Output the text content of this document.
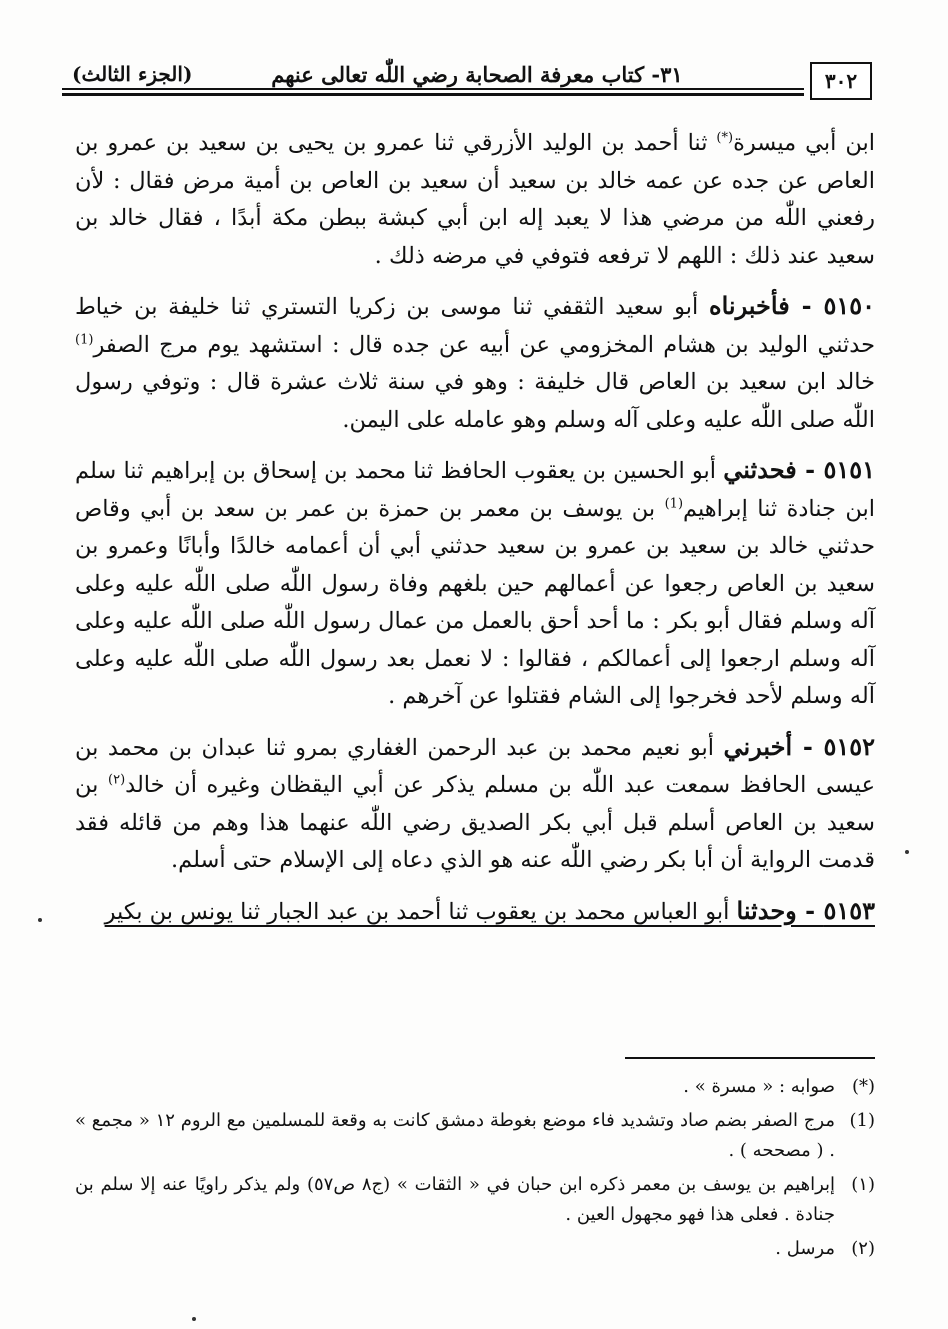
(الجزء الثالث)	٣١- كتاب معرفة الصحابة رضي اللّٰه تعالى عنهم	٣٠٢

ابن أبي ميسرة(*) ثنا أحمد بن الوليد الأزرقي ثنا عمرو بن يحيى بن سعيد بن عمرو بن العاص عن جده عن عمه خالد بن سعيد أن سعيد بن العاص بن أمية مرض فقال : لأن رفعني اللّٰه من مرضي هذا لا يعبد إله ابن أبي كبشة ببطن مكة أبدًا ، فقال خالد بن سعيد عند ذلك : اللهم لا ترفعه فتوفي في مرضه ذلك .

٥١٥٠ - فأخبرناه أبو سعيد الثقفي ثنا موسى بن زكريا التستري ثنا خليفة بن خياط حدثني الوليد بن هشام المخزومي عن أبيه عن جده قال : استشهد يوم مرج الصفر$^{(1)}$ خالد ابن سعيد بن العاص قال خليفة : وهو في سنة ثلاث عشرة قال : وتوفي رسول اللّٰه صلى اللّٰه عليه وعلى آله وسلم وهو عامله على اليمن.

٥١٥١ - فحدثني أبو الحسين بن يعقوب الحافظ ثنا محمد بن إسحاق بن إبراهيم ثنا سلم ابن جنادة ثنا إبراهيم$^{(1)}$ بن يوسف بن معمر بن حمزة بن عمر بن سعد بن أبي وقاص حدثني خالد بن سعيد بن عمرو بن سعيد حدثني أبي أن أعمامه خالدًا وأبانًا وعمرو بن سعيد بن العاص رجعوا عن أعمالهم حين بلغهم وفاة رسول اللّٰه صلى اللّٰه عليه وعلى آله وسلم فقال أبو بكر : ما أحد أحق بالعمل من عمال رسول اللّٰه صلى اللّٰه عليه وعلى آله وسلم ارجعوا إلى أعمالكم ، فقالوا : لا نعمل بعد رسول اللّٰه صلى اللّٰه عليه وعلى آله وسلم لأحد فخرجوا إلى الشام فقتلوا عن آخرهم .

٥١٥٢ - أخبرني أبو نعيم محمد بن عبد الرحمن الغفاري بمرو ثنا عبدان بن محمد بن عيسى الحافظ سمعت عبد اللّٰه بن مسلم يذكر عن أبي اليقظان وغيره أن خالد$^{(٢)}$ بن سعيد بن العاص أسلم قبل أبي بكر الصديق رضي اللّٰه عنهما هذا وهم من قائله فقد قدمت الرواية أن أبا بكر رضي اللّٰه عنه هو الذي دعاه إلى الإسلام حتى أسلم.

٥١٥٣ - وحدثنا أبو العباس محمد بن يعقوب ثنا أحمد بن عبد الجبار ثنا يونس بن بكير

(*)
صوابه : « مسرة » .
(1)
مرج الصفر بضم صاد وتشديد فاء موضع بغوطة دمشق كانت به وقعة للمسلمين مع الروم ١٢ « مجمع » . ( مصححه ) .
(١)
إبراهيم بن يوسف بن معمر ذكره ابن حبان في « الثقات » (ج٨ ص٥٧) ولم يذكر راويًا عنه إلا سلم بن جنادة . فعلى هذا فهو مجهول العين .
(٢)
مرسل .
